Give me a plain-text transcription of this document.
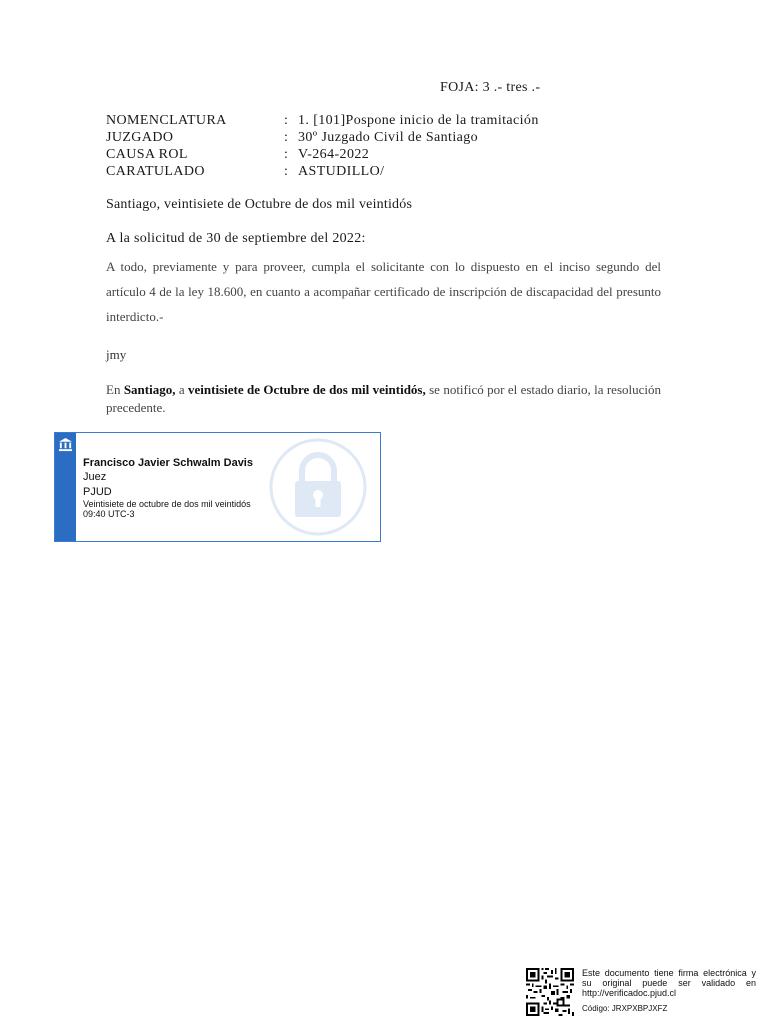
FOJA: 3 .- tres .-
NOMENCLATURA	: 1. [101]Pospone inicio de la tramitación
JUZGADO	: 30º Juzgado Civil de Santiago
CAUSA ROL	: V-264-2022
CARATULADO	: ASTUDILLO/
Santiago, veintisiete de Octubre de dos mil veintidós
A la solicitud de 30 de septiembre del 2022:
A todo, previamente y para proveer, cumpla el solicitante con lo dispuesto en el inciso segundo del artículo 4 de la ley 18.600, en cuanto a acompañar certificado de inscripción de discapacidad del presunto interdicto.-
jmy
En Santiago, a veintisiete de Octubre de dos mil veintidós, se notificó por el estado diario, la resolución precedente.
Francisco Javier Schwalm Davis
Juez
PJUD
Veintisiete de octubre de dos mil veintidós
09:40 UTC-3
Este documento tiene firma electrónica y su original puede ser validado en http://verificadoc.pjud.cl
Código: JRXPXBPJXFZ
